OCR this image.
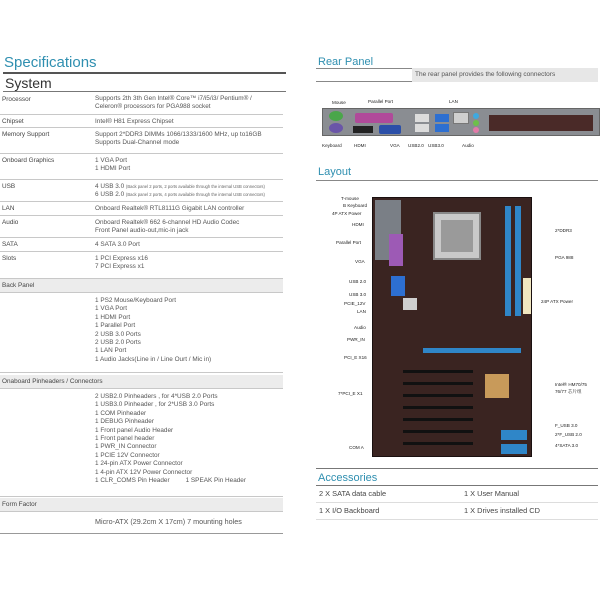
Specifications
System
Processor	Supports 2th 3th Gen Intel® Core™ i7/i5/i3/ Pentium® /
Celeron® processors for PGA988 socket
Chipset	Intel® H81 Express Chipset
Memory Support	Support 2*DDR3 DIMMs 1066/1333/1600 MHz, up to16GB
Supports Dual-Channel mode
Onboard Graphics	1 VGA Port
1 HDMI Port
USB	4 USB 3.0 (Back panel 2 ports, 2 ports available through the internal USB connectors)
6 USB 2.0 (Back panel 2 ports, 4 ports available through the internal USB connectors)
LAN	Onboard Realtek® RTL8111G Gigabit LAN controller
Audio	Onboard Realtek® 662 6-channel HD Audio Codec
Front Panel audio-out,mic-in jack
SATA	4 SATA 3.0 Port
Slots	1 PCI Express x16
7 PCI Express x1
Back Panel
1 PS2 Mouse/Keyboard Port
1 VGA Port
1 HDMI Port
1 Parallel Port
2 USB 3.0 Ports
2 USB 2.0 Ports
1 LAN Port
1 Audio Jacks(Line in / Line Ourt / Mic in)
Onaboard Pinheaders / Connectors
2 USB2.0 Pinheaders , for 4*USB 2.0 Ports
1 USB3.0 Pinheader , for 2*USB 3.0 Ports
1 COM Pinheader
1 DEBUG Pinheader
1 Front panel Audio Header
1 Front panel header
1 PWR_IN Connector
1 PCIE 12V Connector
1 24-pin ATX Power Connector
1 4-pin ATX 12V Power Connector
1 CLR_COMS Pin Header	1 SPEAK Pin Header
Form Factor
Micro-ATX (29.2cm X 17cm) 7 mounting holes
Rear Panel
The rear panel provides the following connectors
Mouse	Parallel Port	LAN
Keyboard	HDMI	VGA USB2.0 USB3.0	Audio
Layout
T-mouse
B Keyboard
4P ATX Power
HDMI
Parallel Port
VGA
USB 2.0
USB 3.0
PCIE_12V
LAN
Audio
PWR_IN
PCI_E X16
7*PCI_E X1
COM A
2*DDR3
PGA 988
24P ATX Power
Intel® HM70/75
76/77 芯片组
F_USB 3.0
2*F_USB 2.0
4*SATA 3.0
Accessories
2 X SATA data cable	1 X User Manual
1 X I/O Backboard	1 X Drives installed CD
